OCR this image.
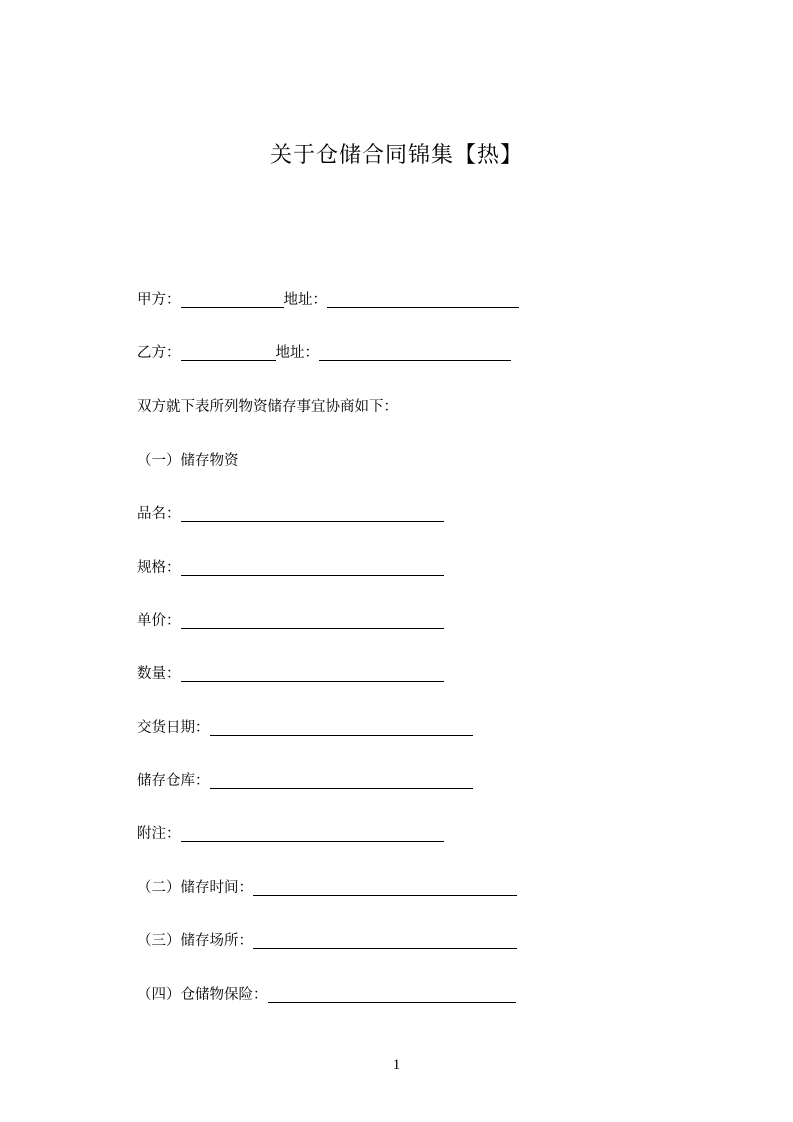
关于仓储合同锦集【热】
甲方：	地址：
乙方：	地址：
双方就下表所列物资储存事宜协商如下：
（一）储存物资
品名：
规格：
单价：
数量：
交货日期：
储存仓库：
附注：
（二）储存时间：
（三）储存场所：
（四）仓储物保险：
1
